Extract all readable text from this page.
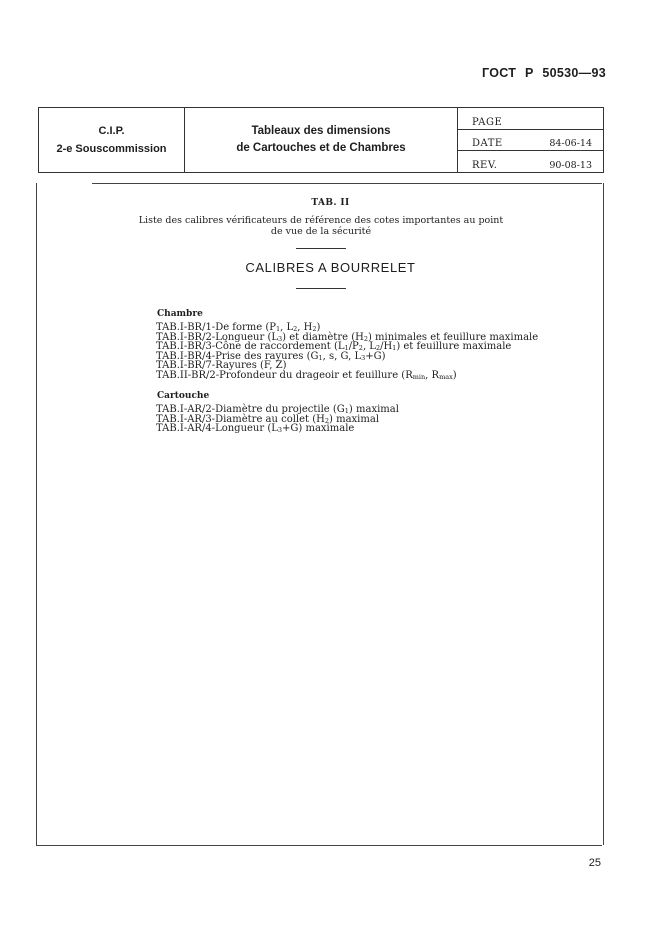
ГОСТ Р 50530—93
C.I.P.
2-e Souscommission
Tableaux des dimensions
de Cartouches et de Chambres
PAGE
DATE	84-06-14
REV.	90-08-13
TAB. II
Liste des calibres vérificateurs de référence des cotes importantes au point de vue de la sécurité
CALIBRES A BOURRELET
Chambre
TAB.I-BR/1-De forme ($P_1$, $L_2$, $H_2$)
TAB.I-BR/2-Longueur $(L_3)$ et diamètre $(H_2)$ minimales et feuillure maximale
TAB.I-BR/3-Cône de raccordement ($L_1/P_2$, $L_2/H_1$) et feuillure maximale
TAB.I-BR/4-Prise des rayures ($G_1$, s, G, $L_3+G$)
TAB.I-BR/7-Rayures (F, Z)
TAB.II-BR/2-Profondeur du drageoir et feuillure ($R_{min}$, $R_{max}$)
Cartouche
TAB.I-AR/2-Diamètre du projectile $(G_1)$ maximal
TAB.I-AR/3-Diamètre au collet $(H_2)$ maximal
TAB.I-AR/4-Longueur $(L_3+G)$ maximale
25
